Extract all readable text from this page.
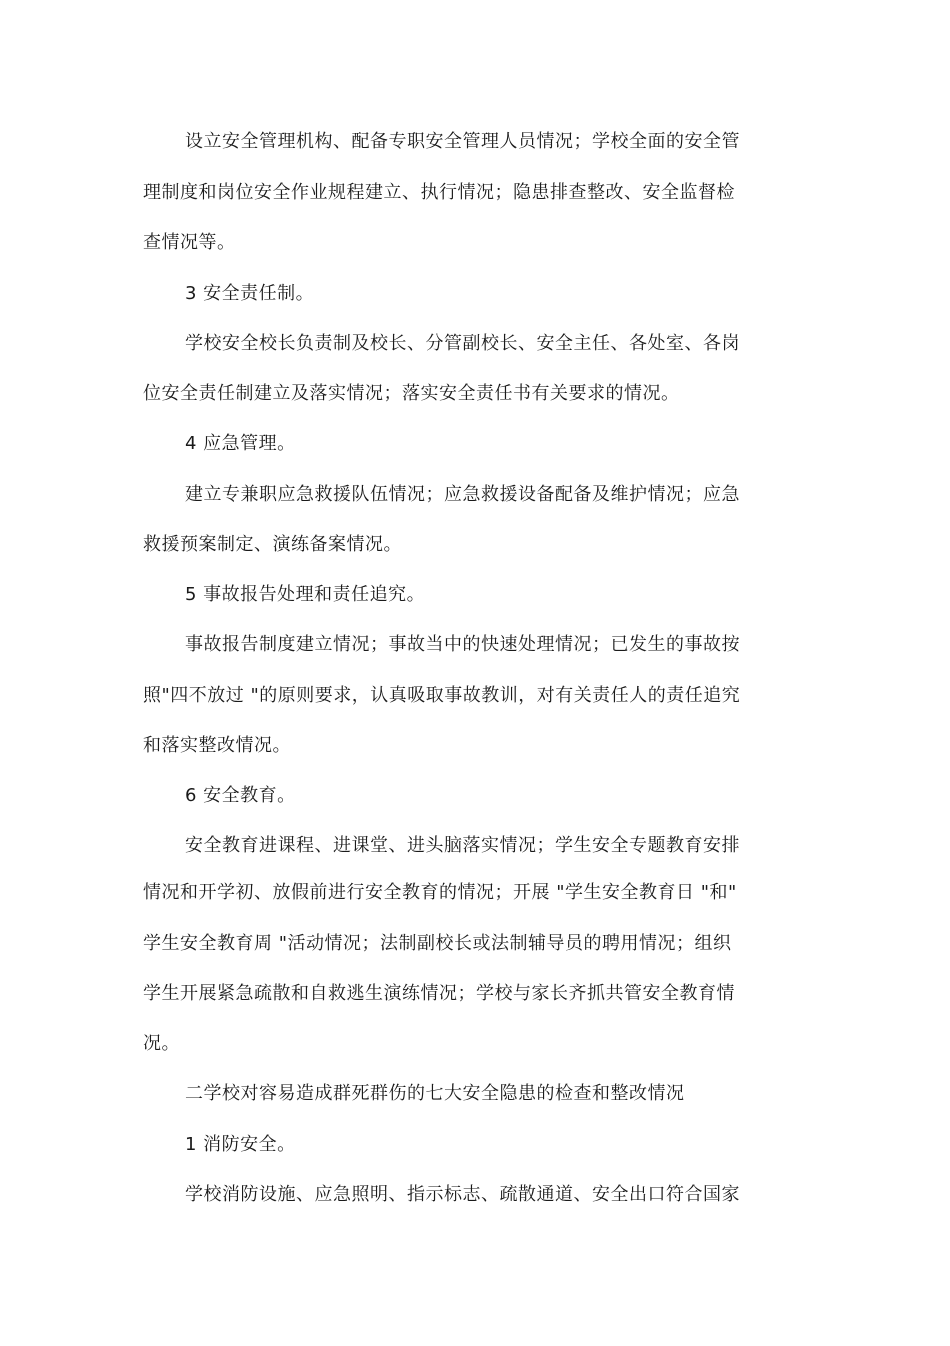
设立安全管理机构、配备专职安全管理人员情况；学校全面的安全管
理制度和岗位安全作业规程建立、执行情况；隐患排查整改、安全监督检
查情况等。
3 安全责任制。
学校安全校长负责制及校长、分管副校长、安全主任、各处室、各岗
位安全责任制建立及落实情况；落实安全责任书有关要求的情况。
4 应急管理。
建立专兼职应急救援队伍情况；应急救援设备配备及维护情况；应急
救援预案制定、演练备案情况。
5 事故报告处理和责任追究。
事故报告制度建立情况；事故当中的快速处理情况；已发生的事故按
照"四不放过 "的原则要求，认真吸取事故教训，对有关责任人的责任追究
和落实整改情况。
6 安全教育。
安全教育进课程、进课堂、进头脑落实情况；学生安全专题教育安排
情况和开学初、放假前进行安全教育的情况；开展 "学生安全教育日 "和"
学生安全教育周 "活动情况；法制副校长或法制辅导员的聘用情况；组织
学生开展紧急疏散和自救逃生演练情况；学校与家长齐抓共管安全教育情
况。
二学校对容易造成群死群伤的七大安全隐患的检查和整改情况
1 消防安全。
学校消防设施、应急照明、指示标志、疏散通道、安全出口符合国家
